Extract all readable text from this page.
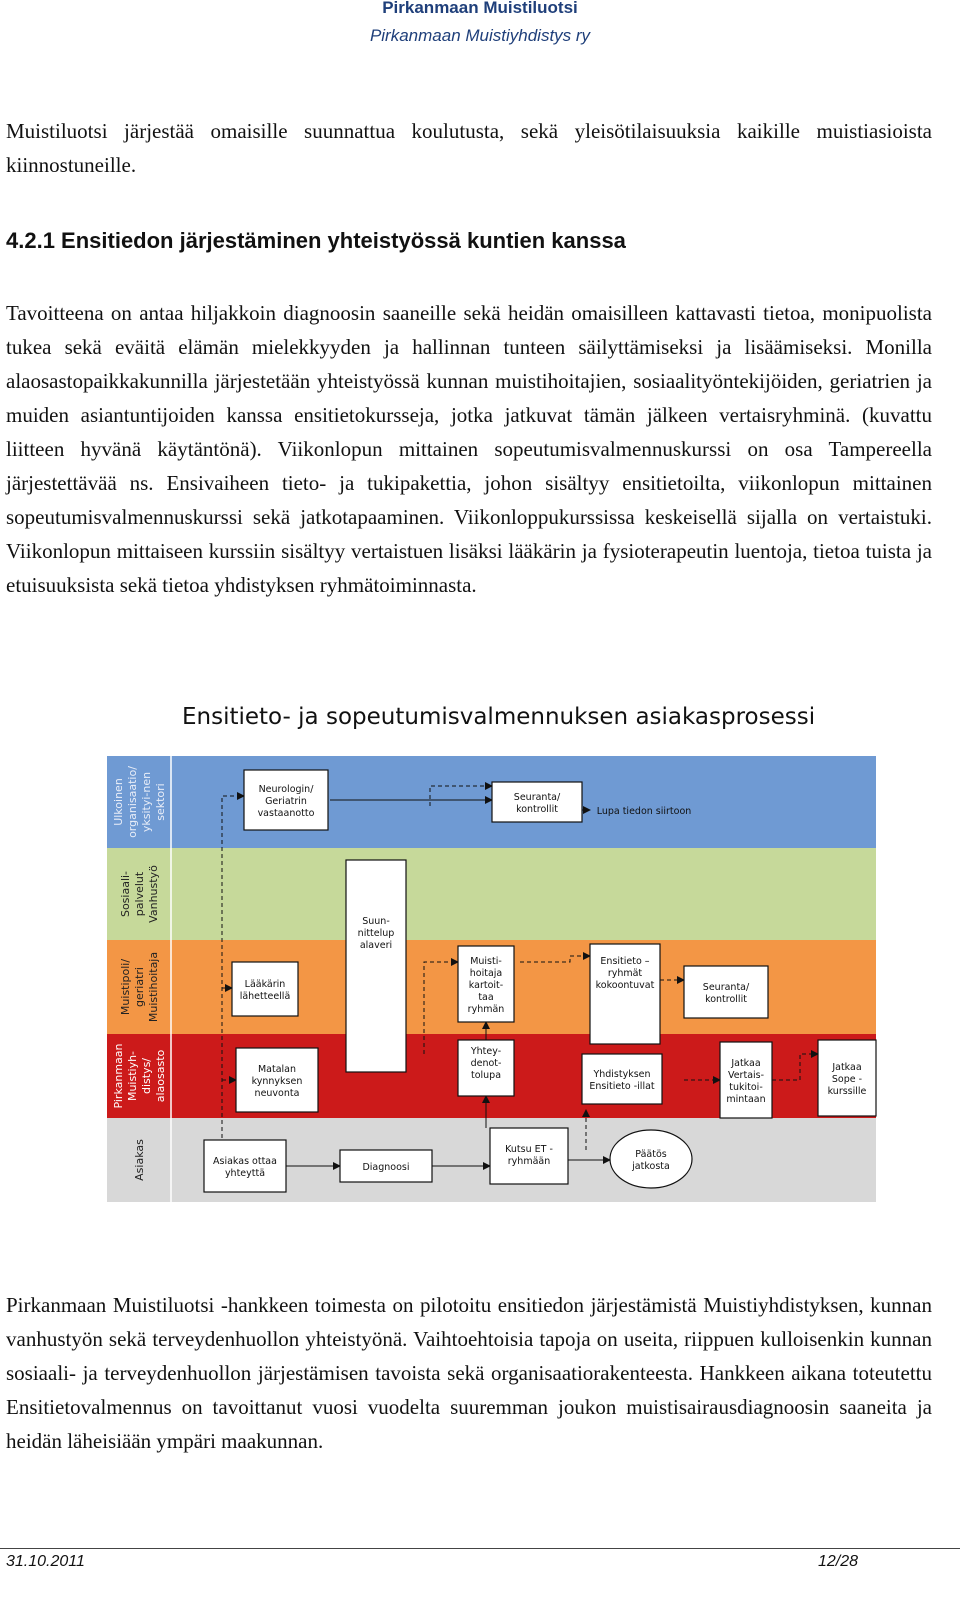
Pirkanmaan Muistiluotsi
Pirkanmaan Muistiyhdistys ry

Muistiluotsi järjestää omaisille suunnattua koulutusta, sekä yleisötilaisuuksia kaikille muistiasioista kiinnostuneille.

4.2.1 Ensitiedon järjestäminen yhteistyössä kuntien kanssa

Tavoitteena on antaa hiljakkoin diagnoosin saaneille sekä heidän omaisilleen kattavasti tietoa, monipuolista tukea sekä eväitä elämän mielekkyyden ja hallinnan tunteen säilyttämiseksi ja lisäämiseksi. Monilla alaosastopaikkakunnilla järjestetään yhteistyössä kunnan muistihoitajien, sosiaalityöntekijöiden, geriatrien ja muiden asiantuntijoiden kanssa ensitietokursseja, jotka jatkuvat tämän jälkeen vertaisryhminä. (kuvattu liitteen hyvänä käytäntönä). Viikonlopun mittainen sopeutumisvalmennuskurssi on osa Tampereella järjestettävää ns. Ensivaiheen tieto- ja tukipakettia, johon sisältyy ensitietoilta, viikonlopun mittainen sopeutumisvalmennuskurssi sekä jatkotapaaminen. Viikonloppukurssissa keskeisellä sijalla on vertaistuki. Viikonlopun mittaiseen kurssiin sisältyy vertaistuen lisäksi lääkärin ja fysioterapeutin luentoja, tietoa tuista ja etuisuuksista sekä tietoa yhdistyksen ryhmätoiminnasta.

Ensitieto- ja sopeutumisvalmennuksen asiakasprosessi
Ulkoinen organisaatio/ yksityi-nen sektori
Sosiaali- palvelut Vanhustyö
Muistipoli/ geriatri Muistihoitaja
Pirkanmaan Muistiyh- distys/ alaosasto
Asiakas
Neurologin/
Geriatrin
vastaanotto
Seuranta/
kontrollit	Lupa tiedon siirtoon
Suun-
nittelup
alaveri
Lääkärin
lähetteellä
Muisti-
hoitaja
kartoit-
taa
ryhmän
Ensitieto –
ryhmät
kokoontuvat	Seuranta/
kontrollit
Matalan
kynnyksen
neuvonta
Yhtey-
denot-
tolupa	Yhdistyksen
Ensitieto -illat
Jatkaa
Vertais-
tukitoi-
mintaan
Jatkaa
Sope -
kurssille
Asiakas ottaa
yhteyttä
Diagnoosi
Kutsu ET -
ryhmään
Päätös
jatkosta

Pirkanmaan Muistiluotsi -hankkeen toimesta on pilotoitu ensitiedon järjestämistä Muistiyhdistyksen, kunnan vanhustyön sekä terveydenhuollon yhteistyönä. Vaihtoehtoisia tapoja on useita, riippuen kulloisenkin kunnan sosiaali- ja terveydenhuollon järjestämisen tavoista sekä organisaatiorakenteesta. Hankkeen aikana toteutettu Ensitietovalmennus on tavoittanut vuosi vuodelta suuremman joukon muistisairausdiagnoosin saaneita ja heidän läheisiään ympäri maakunnan.

31.10.2011	12/28
